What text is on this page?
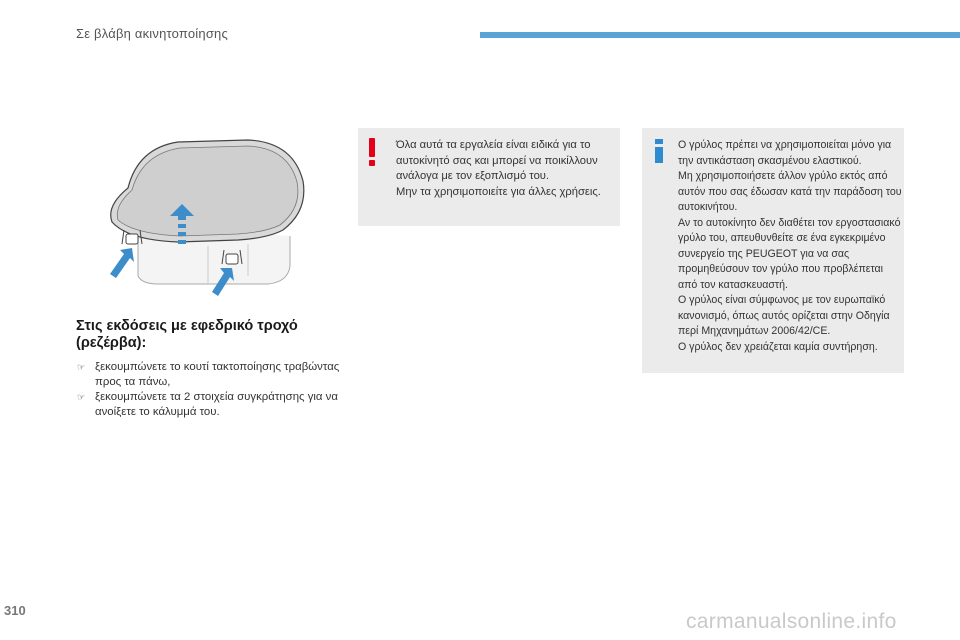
Σε βλάβη ακινητοποίησης
Στις εκδόσεις με εφεδρικό τροχό (ρεζέρβα):
☞ ξεκουμπώνετε το κουτί τακτοποίησης τραβώντας προς τα πάνω,
☞ ξεκουμπώνετε τα 2 στοιχεία συγκράτησης για να ανοίξετε το κάλυμμά του.
Όλα αυτά τα εργαλεία είναι ειδικά για το αυτοκίνητό σας και μπορεί να ποικίλλουν ανάλογα με τον εξοπλισμό του.
Μην τα χρησιμοποιείτε για άλλες χρήσεις.
Ο γρύλος πρέπει να χρησιμοποιείται μόνο για την αντικάσταση σκασμένου ελαστικού.
Μη χρησιμοποιήσετε άλλον γρύλο εκτός από αυτόν που σας έδωσαν κατά την παράδοση του αυτοκινήτου.
Αν το αυτοκίνητο δεν διαθέτει τον εργοστασιακό γρύλο του, απευθυνθείτε σε ένα εγκεκριμένο συνεργείο της PEUGEOT για να σας προμηθεύσουν τον γρύλο που προβλέπεται από τον κατασκευαστή.
Ο γρύλος είναι σύμφωνος με τον ευρωπαϊκό κανονισμό, όπως αυτός ορίζεται στην Οδηγία περί Μηχανημάτων 2006/42/CE.
Ο γρύλος δεν χρειάζεται καμία συντήρηση.
310	carmanualsonline.info
